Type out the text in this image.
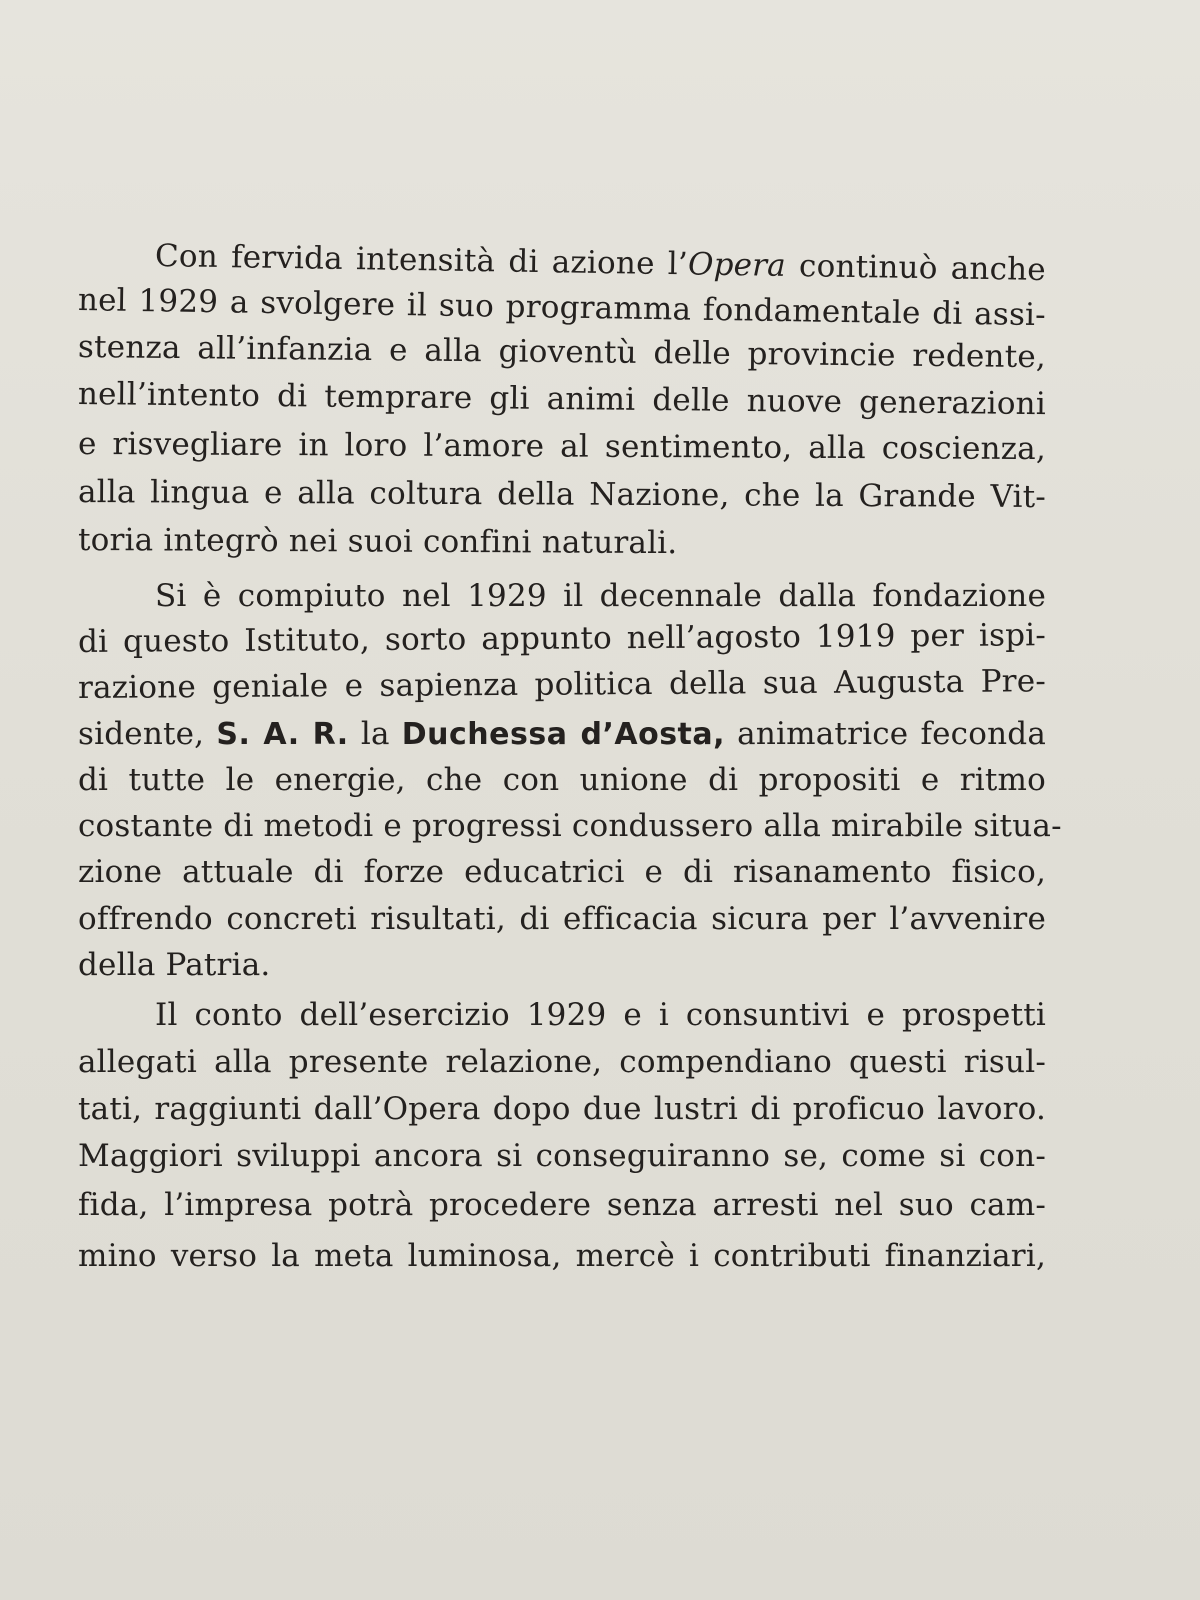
Con fervida intensità di azione l’Opera continuò anche
nel 1929 a svolgere il suo programma fondamentale di assi-
stenza all’infanzia e alla gioventù delle provincie redente,
nell’intento di temprare gli animi delle nuove generazioni
e risvegliare in loro l’amore al sentimento, alla coscienza,
alla lingua e alla coltura della Nazione, che la Grande Vit-
toria integrò nei suoi confini naturali.
Si è compiuto nel 1929 il decennale dalla fondazione
di questo Istituto, sorto appunto nell’agosto 1919 per ispi-
razione geniale e sapienza politica della sua Augusta Pre-
sidente, S. A. R. la Duchessa d’Aosta, animatrice feconda
di tutte le energie, che con unione di propositi e ritmo
costante di metodi e progressi condussero alla mirabile situa-
zione attuale di forze educatrici e di risanamento fisico,
offrendo concreti risultati, di efficacia sicura per l’avvenire
della Patria.
Il conto dell’esercizio 1929 e i consuntivi e prospetti
allegati alla presente relazione, compendiano questi risul-
tati, raggiunti dall’Opera dopo due lustri di proficuo lavoro.
Maggiori sviluppi ancora si conseguiranno se, come si con-
fida, l’impresa potrà procedere senza arresti nel suo cam-
mino verso la meta luminosa, mercè i contributi finanziari,
